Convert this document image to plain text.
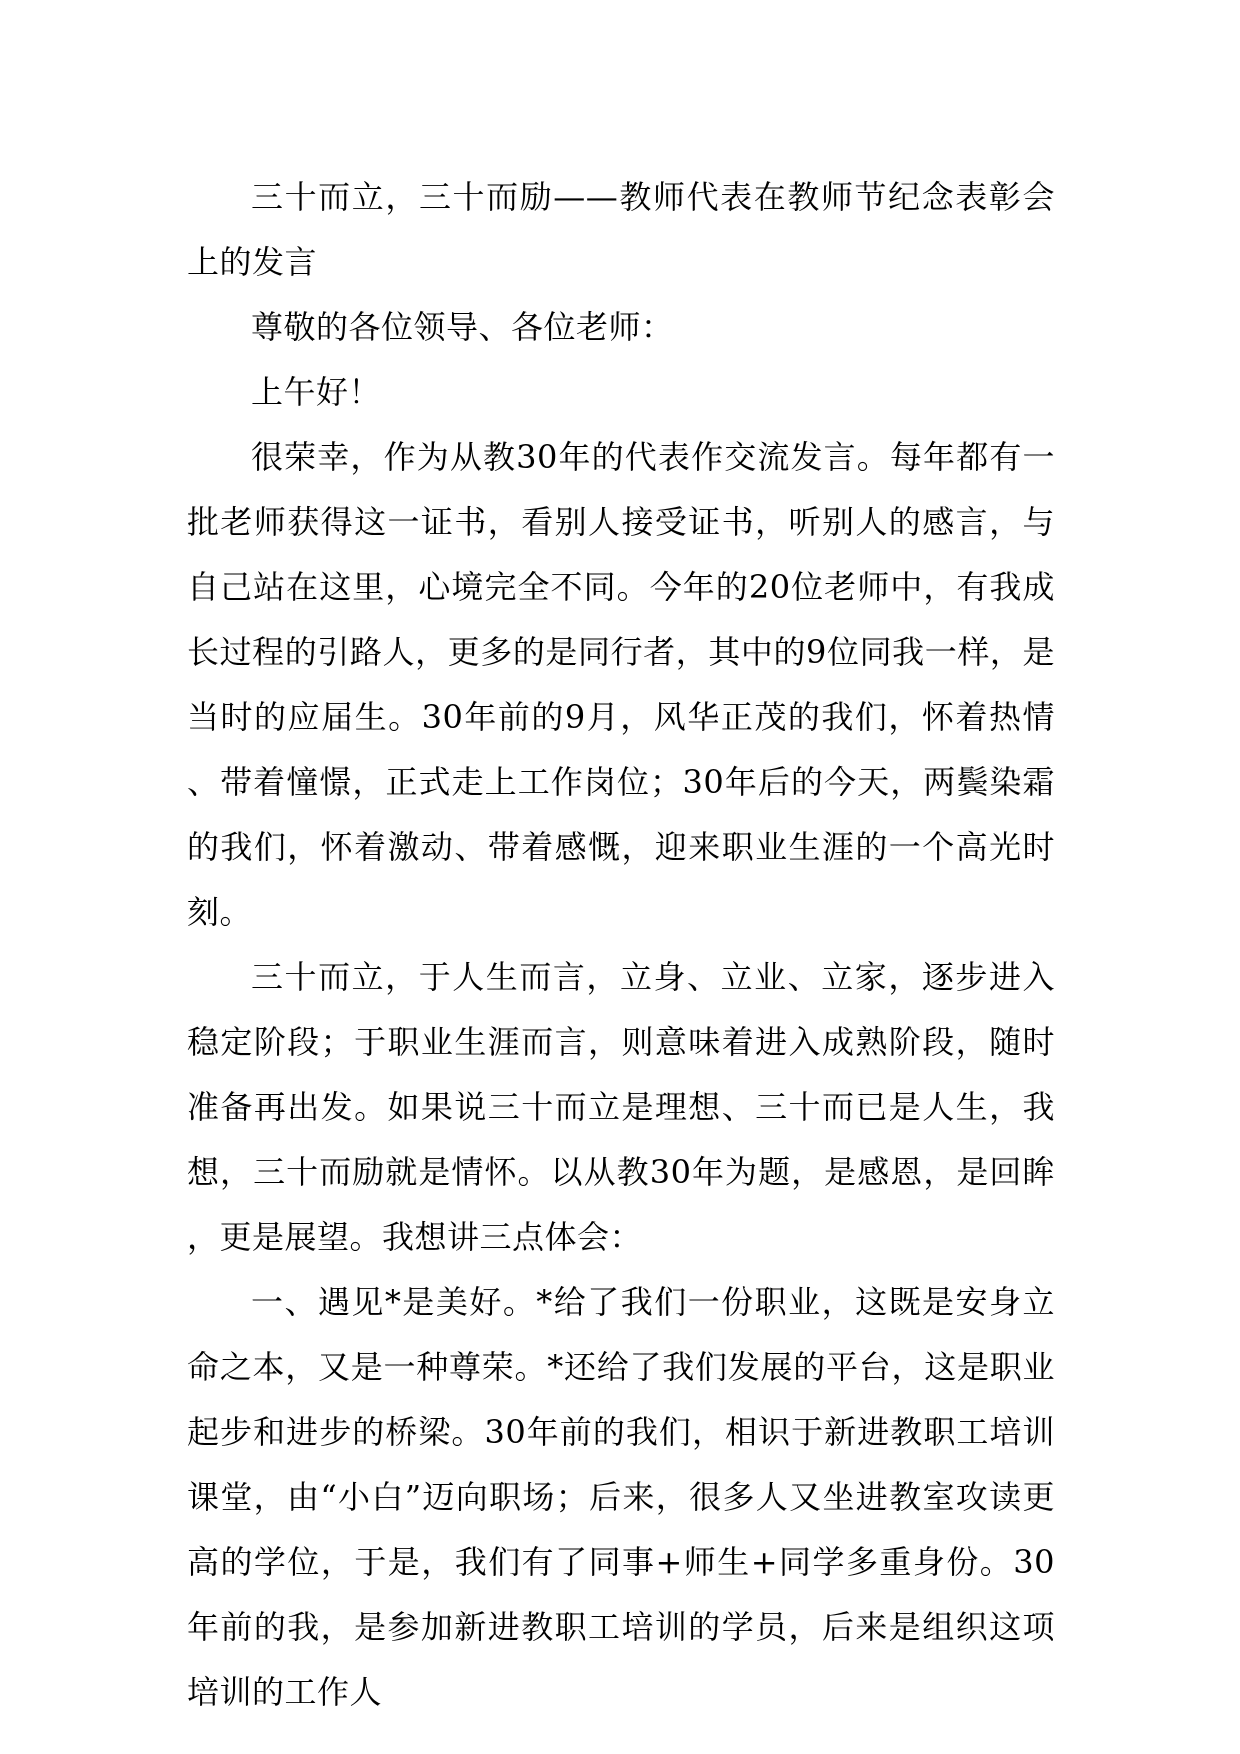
三十而立，三十而励——教师代表在教师节纪念表彰会上的发言

尊敬的各位领导、各位老师：

上午好！

很荣幸，作为从教30年的代表作交流发言。每年都有一批老师获得这一证书，看别人接受证书，听别人的感言，与自己站在这里，心境完全不同。今年的20位老师中，有我成长过程的引路人，更多的是同行者，其中的9位同我一样，是当时的应届生。30年前的9月，风华正茂的我们，怀着热情、带着憧憬，正式走上工作岗位；30年后的今天，两鬓染霜的我们，怀着激动、带着感慨，迎来职业生涯的一个高光时刻。

三十而立，于人生而言，立身、立业、立家，逐步进入稳定阶段；于职业生涯而言，则意味着进入成熟阶段，随时准备再出发。如果说三十而立是理想、三十而已是人生，我想，三十而励就是情怀。以从教30年为题，是感恩，是回眸，更是展望。我想讲三点体会：

一、遇见*是美好。*给了我们一份职业，这既是安身立命之本，又是一种尊荣。*还给了我们发展的平台，这是职业起步和进步的桥梁。30年前的我们，相识于新进教职工培训课堂，由“小白”迈向职场；后来，很多人又坐进教室攻读更高的学位，于是，我们有了同事+师生+同学多重身份。30年前的我，是参加新进教职工培训的学员，后来是组织这项培训的工作人
